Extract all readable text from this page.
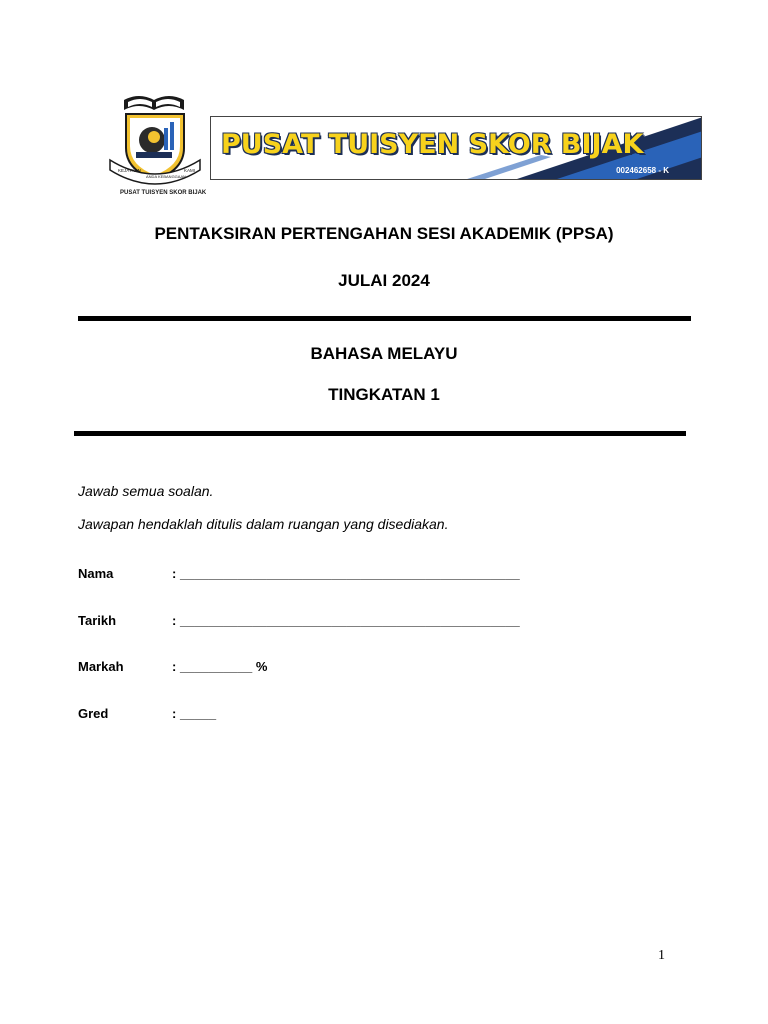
KEJAYAAN
ANDA KEBANGGAAN
KAMI
PUSAT TUISYEN SKOR BIJAK
PUSAT TUISYEN SKOR BIJAK
002462658 - K
PENTAKSIRAN PERTENGAHAN SESI AKADEMIK (PPSA)
JULAI 2024
BAHASA MELAYU
TINGKATAN 1
Jawab semua soalan.
Jawapan hendaklah ditulis dalam ruangan yang disediakan.
Nama	: _______________________________________________
Tarikh	: _______________________________________________
Markah	: __________ %
Gred	: _____
1
